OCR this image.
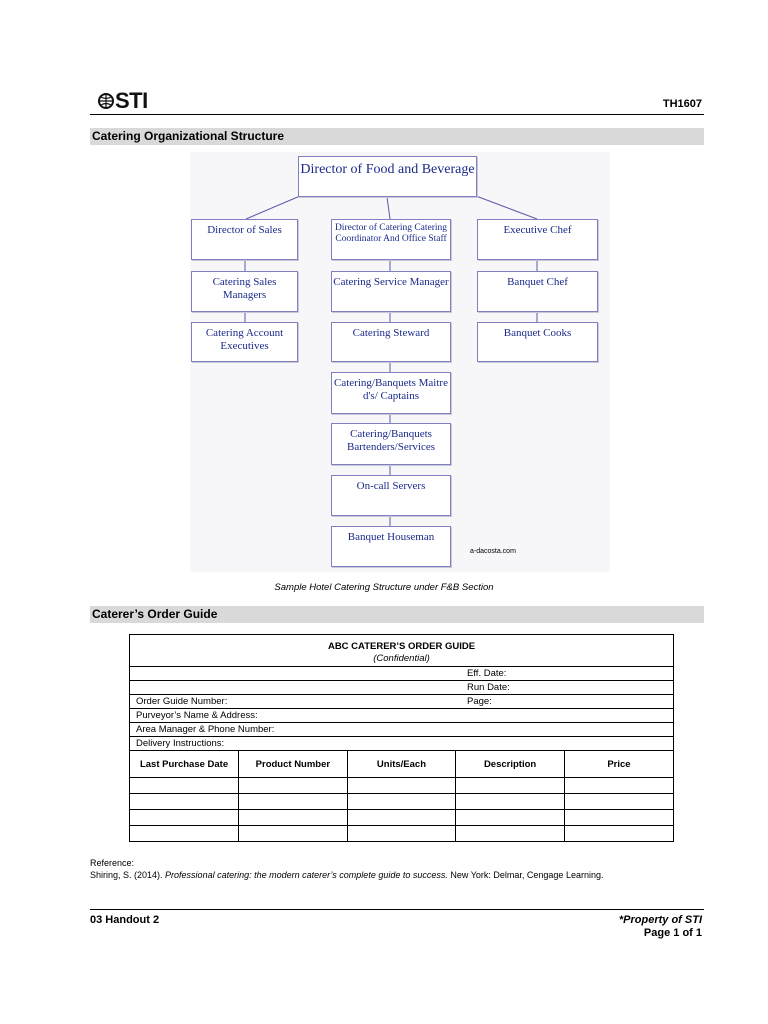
STI	TH1607
Catering Organizational Structure
Director of Food and Beverage
Director of Sales
Catering Sales Managers
Catering Account Executives
Director of Catering Catering Coordinator And Office Staff
Catering Service Manager
Catering Steward
Catering/Banquets Maitre d's/ Captains
Catering/Banquets Bartenders/Services
On-call Servers
Banquet Houseman
Executive Chef
Banquet Chef
Banquet Cooks
a-dacosta.com
Sample Hotel Catering Structure under F&B Section
Caterer’s Order Guide
ABC CATERER’S ORDER GUIDE
(Confidential)
Eff. Date:
Run Date:
Order Guide Number:	Page:
Purveyor’s Name & Address:
Area Manager & Phone Number:
Delivery Instructions:
Last Purchase Date	Product Number	Units/Each	Description	Price

Reference:
Shiring, S. (2014). Professional catering: the modern caterer’s complete guide to success. New York: Delmar, Cengage Learning.
03 Handout 2	*Property of STI
Page 1 of 1
